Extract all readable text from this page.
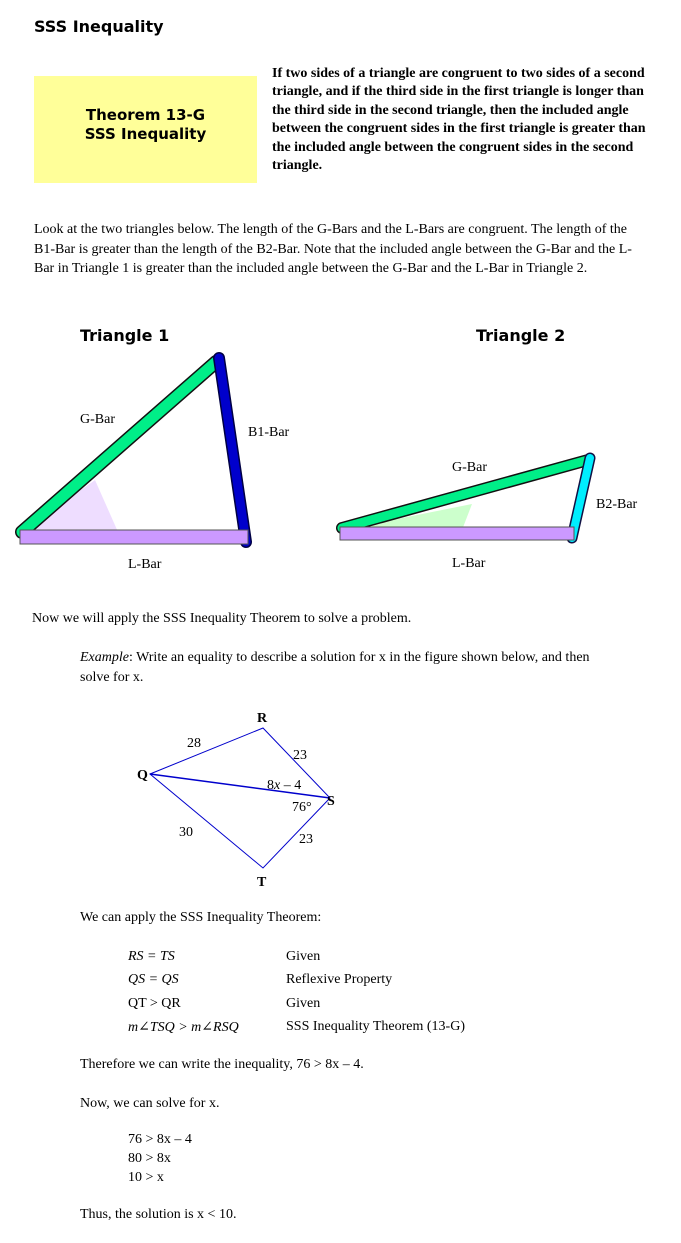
SSS Inequality
Theorem 13-G
SSS Inequality
If two sides of a triangle are congruent to two sides of a second triangle, and if the third side in the first triangle is longer than the third side in the second triangle, then the included angle between the congruent sides in the first triangle is greater than the included angle between the congruent sides in the second triangle.
Look at the two triangles below. The length of the G-Bars and the L-Bars are congruent. The length of the B1-Bar is greater than the length of the B2-Bar. Note that the included angle between the G-Bar and the L-Bar in Triangle 1 is greater than the included angle between the G-Bar and the L-Bar in Triangle 2.
Triangle 1	Triangle 2
G-Bar
B1-Bar
L-Bar
G-Bar
B2-Bar
L-Bar
Now we will apply the SSS Inequality Theorem to solve a problem.
Example: Write an equality to describe a solution for x in the figure shown below, and then solve for x.
R
Q
S
T
28
23
30	23
8x – 4
76°
We can apply the SSS Inequality Theorem:
RS = TS	Given
QS = QS	Reflexive Property
QT > QR	Given
m∠TSQ > m∠RSQ	SSS Inequality Theorem (13-G)
Therefore we can write the inequality, 76 > 8x – 4.
Now, we can solve for x.
76 > 8x – 4
80 > 8x
10 > x
Thus, the solution is x < 10.
